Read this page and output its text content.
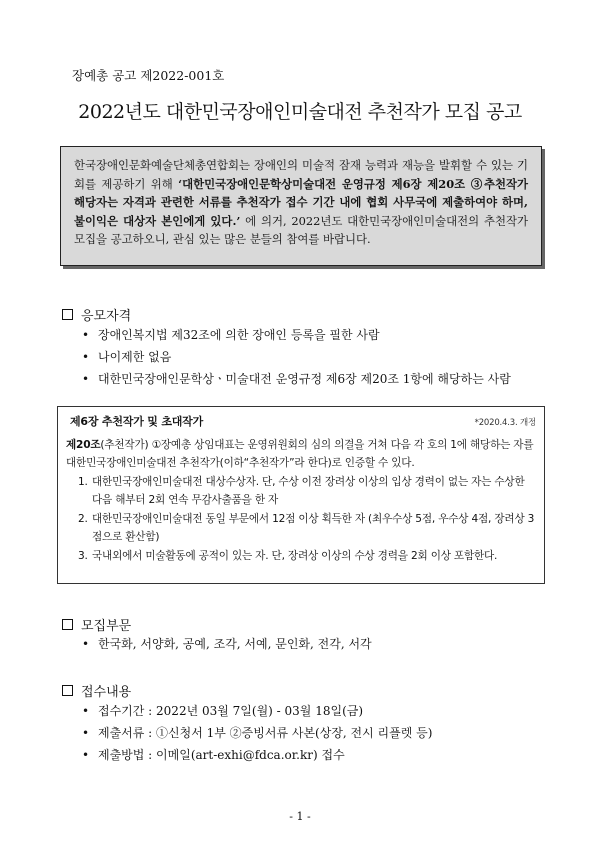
장예총 공고 제2022-001호
2022년도 대한민국장애인미술대전 추천작가 모집 공고
한국장애인문화예술단체총연합회는 장애인의 미술적 잠재 능력과 재능을 발휘할 수 있는 기회를 제공하기 위해 ‘대한민국장애인문학상미술대전 운영규정 제6장 제20조 ③추천작가 해당자는 자격과 관련한 서류를 추천작가 접수 기간 내에 협회 사무국에 제출하여야 하며, 불이익은 대상자 본인에게 있다.’ 에 의거, 2022년도 대한민국장애인미술대전의 추천작가 모집을 공고하오니, 관심 있는 많은 분들의 참여를 바랍니다.
응모자격
• 장애인복지법 제32조에 의한 장애인 등록을 필한 사람
• 나이제한 없음
• 대한민국장애인문학상ㆍ미술대전 운영규정 제6장 제20조 1항에 해당하는 사람
제6장 추천작가 및 초대작가	*2020.4.3. 개정
제20조(추천작가) ①장예총 상임대표는 운영위원회의 심의 의결을 거쳐 다음 각 호의 1에 해당하는 자를 대한민국장애인미술대전 추천작가(이하“추천작가”라 한다)로 인증할 수 있다.
1. 대한민국장애인미술대전 대상수상자. 단, 수상 이전 장려상 이상의 입상 경력이 없는 자는 수상한 다음 해부터 2회 연속 무감사출품을 한 자
2. 대한민국장애인미술대전 동일 부문에서 12점 이상 획득한 자 (최우수상 5점, 우수상 4점, 장려상 3점으로 환산함)
3. 국내외에서 미술활동에 공적이 있는 자. 단, 장려상 이상의 수상 경력을 2회 이상 포함한다.
모집부문
• 한국화, 서양화, 공예, 조각, 서예, 문인화, 전각, 서각
접수내용
• 접수기간 : 2022년 03월 7일(월) - 03월 18일(금)
• 제출서류 : ①신청서 1부 ②증빙서류 사본(상장, 전시 리플렛 등)
• 제출방법 : 이메일(art-exhi@fdca.or.kr) 접수
- 1 -
